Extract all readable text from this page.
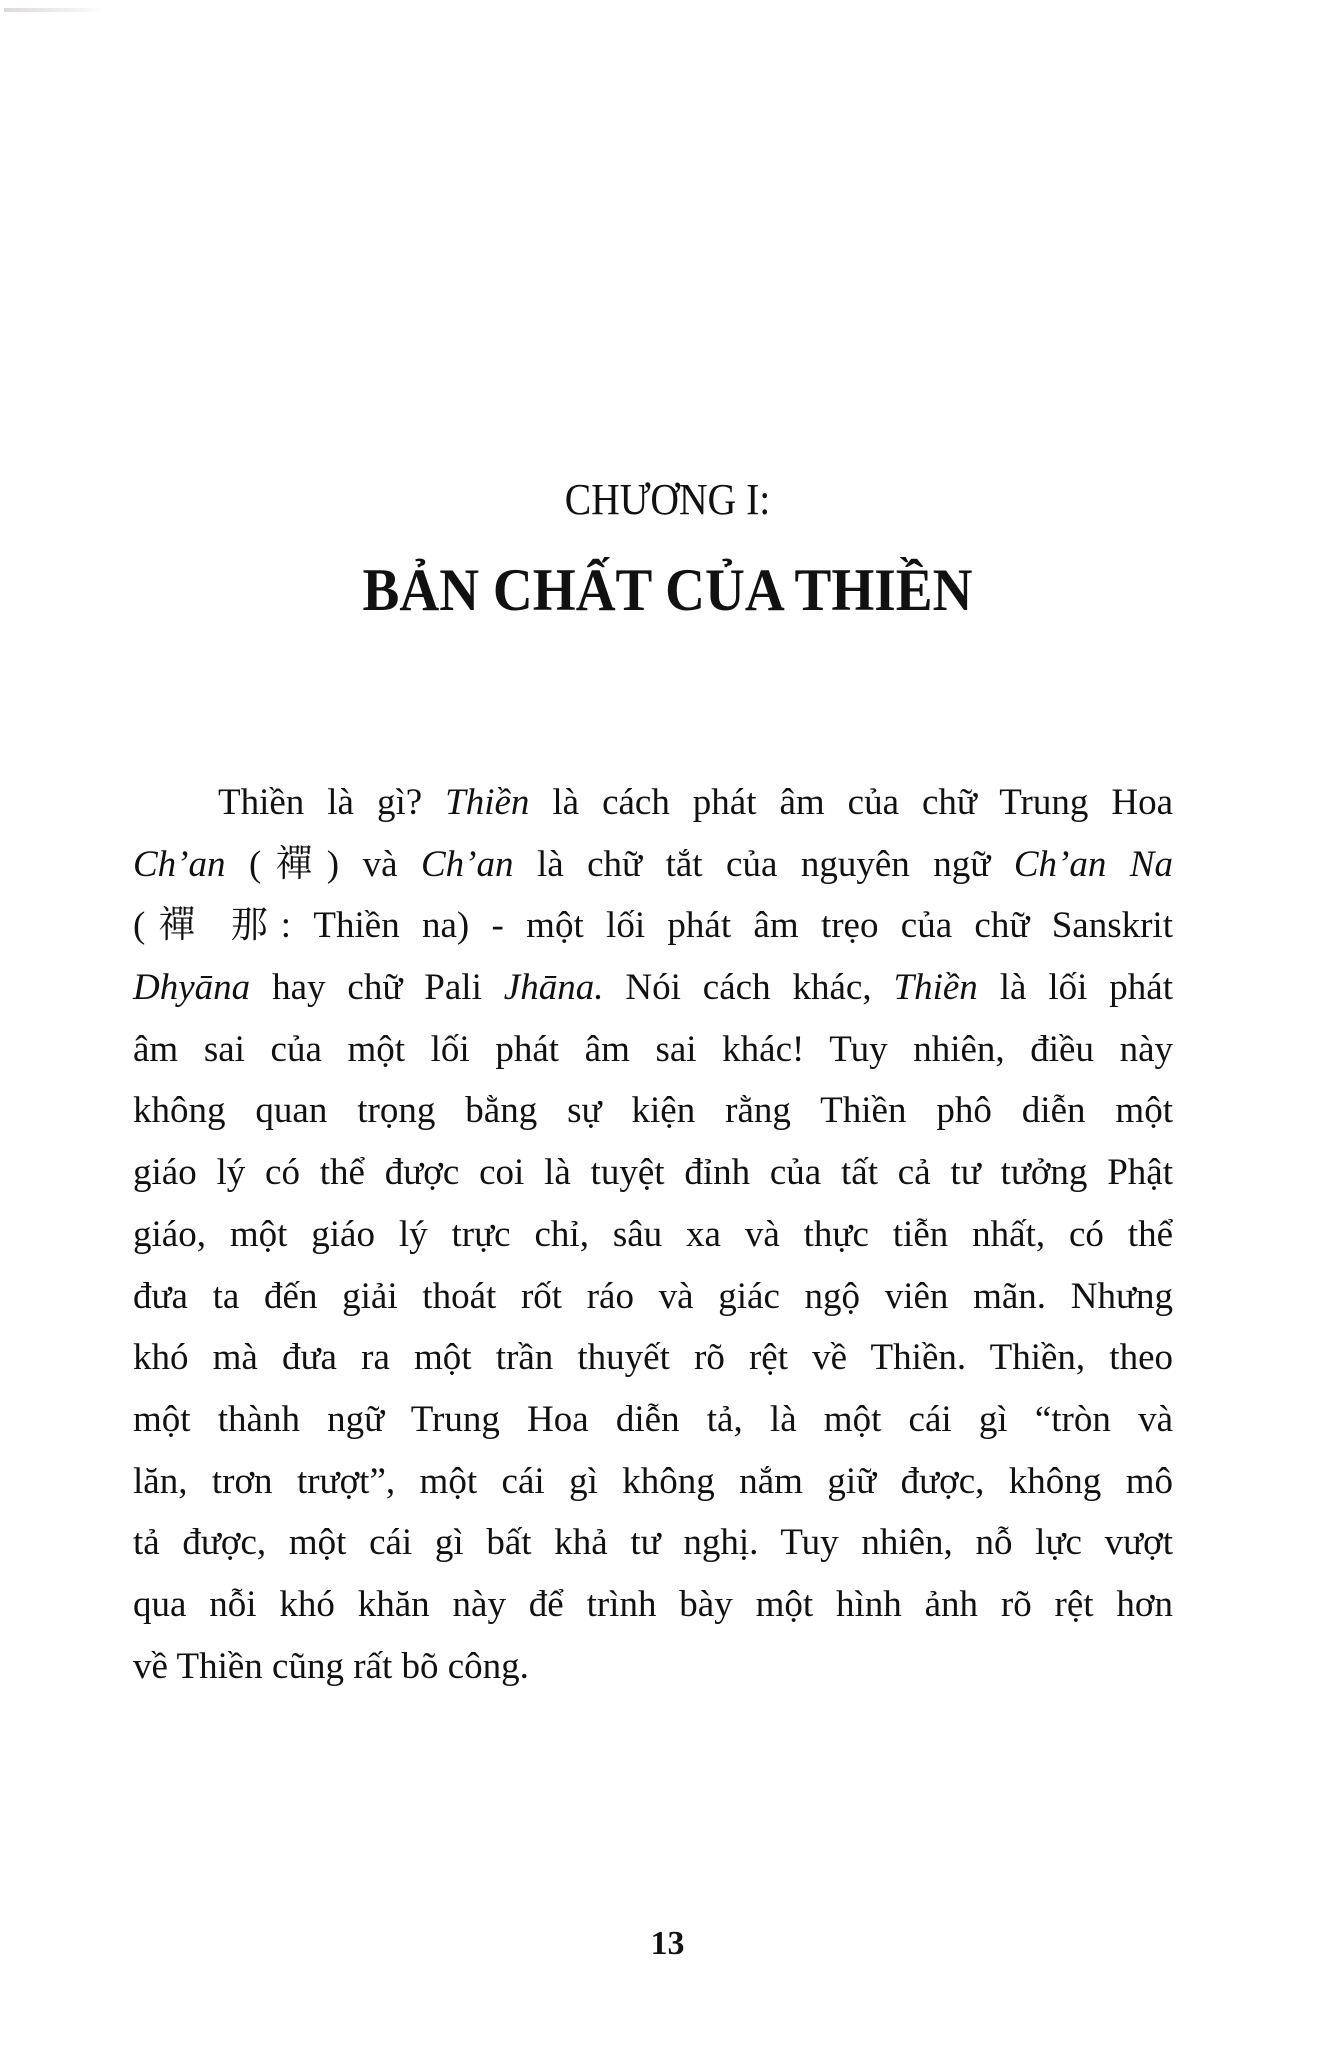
CHƯƠNG I:
BẢN CHẤT CỦA THIỀN
Thiền là gì? Thiền là cách phát âm của chữ Trung Hoa
Ch’an (禪) và Ch’an là chữ tắt của nguyên ngữ Ch’an Na
(禪 那: Thiền na) - một lối phát âm trẹo của chữ Sanskrit
Dhyāna hay chữ Pali Jhāna. Nói cách khác, Thiền là lối phát
âm sai của một lối phát âm sai khác! Tuy nhiên, điều này
không quan trọng bằng sự kiện rằng Thiền phô diễn một
giáo lý có thể được coi là tuyệt đỉnh của tất cả tư tưởng Phật
giáo, một giáo lý trực chỉ, sâu xa và thực tiễn nhất, có thể
đưa ta đến giải thoát rốt ráo và giác ngộ viên mãn. Nhưng
khó mà đưa ra một trần thuyết rõ rệt về Thiền. Thiền, theo
một thành ngữ Trung Hoa diễn tả, là một cái gì “tròn và
lăn, trơn trượt”, một cái gì không nắm giữ được, không mô
tả được, một cái gì bất khả tư nghị. Tuy nhiên, nỗ lực vượt
qua nỗi khó khăn này để trình bày một hình ảnh rõ rệt hơn
về Thiền cũng rất bõ công.
13
